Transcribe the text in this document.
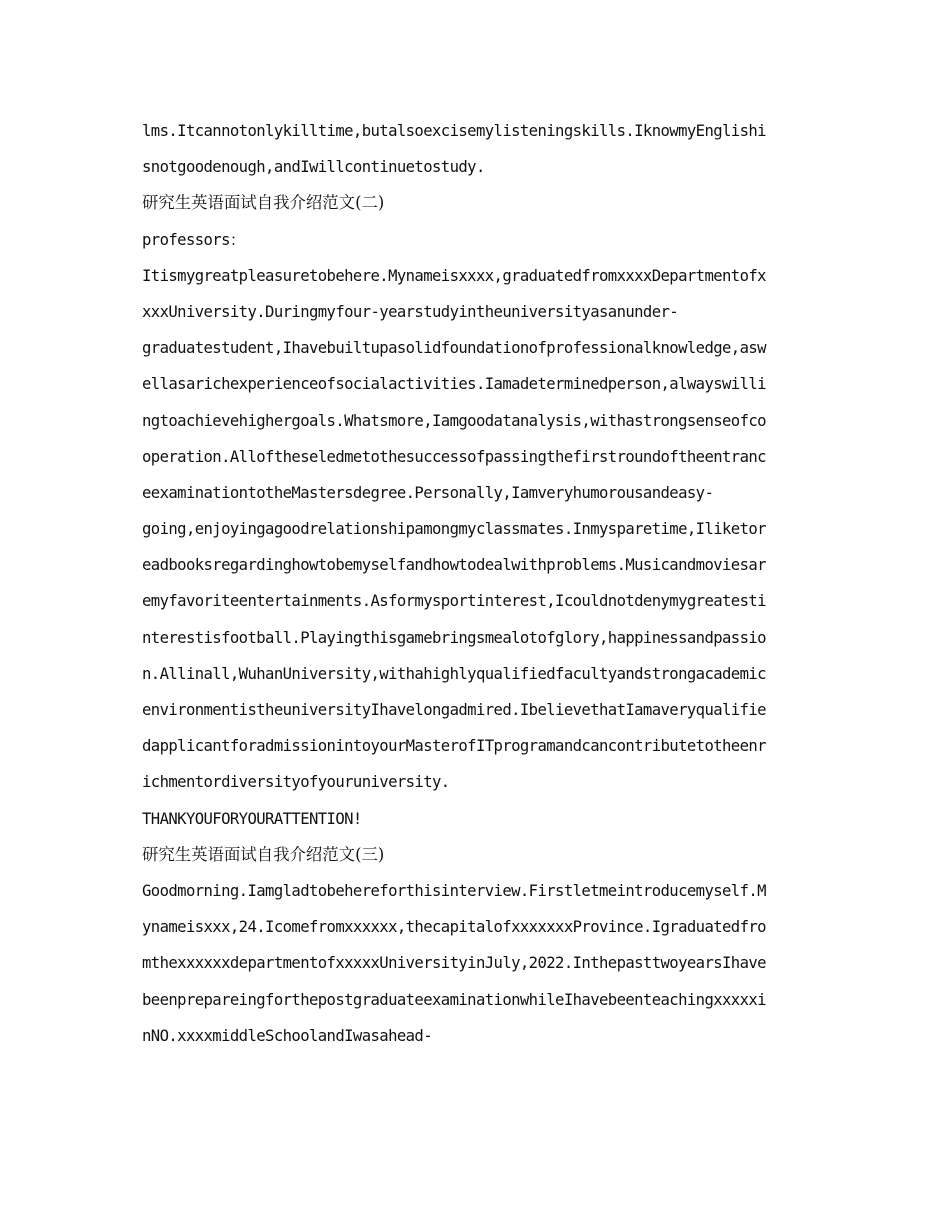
lms.Itcannotonlykilltime,butalsoexcisemylisteningskills.IknowmyEnglishi
snotgoodenough,andIwillcontinuetostudy.
研究生英语面试自我介绍范文(二)
professors：
Itismygreatpleasuretobehere.Mynameisxxxx,graduatedfromxxxxDepartmentofx
xxxUniversity.Duringmyfour-yearstudyintheuniversityasanunder-
graduatestudent,Ihavebuiltupasolidfoundationofprofessionalknowledge,asw
ellasarichexperienceofsocialactivities.Iamadeterminedperson,alwayswilli
ngtoachievehighergoals.Whatsmore,Iamgoodatanalysis,withastrongsenseofco
operation.Alloftheseledmetothesuccessofpassingthefirstroundoftheentranc
eexaminationtotheMastersdegree.Personally,Iamveryhumorousandeasy-
going,enjoyingagoodrelationshipamongmyclassmates.Inmysparetime,Iliketor
eadbooksregardinghowtobemyselfandhowtodealwithproblems.Musicandmoviesar
emyfavoriteentertainments.Asformysportinterest,Icouldnotdenymygreatesti
nterestisfootball.Playingthisgamebringsmealotofglory,happinessandpassio
n.Allinall,WuhanUniversity,withahighlyqualifiedfacultyandstrongacademic
environmentistheuniversityIhavelongadmired.IbelievethatIamaveryqualifie
dapplicantforadmissionintoyourMasterofITprogramandcancontributetotheenr
ichmentordiversityofyouruniversity.
THANKYOUFORYOURATTENTION!
研究生英语面试自我介绍范文(三)
Goodmorning.Iamgladtobehereforthisinterview.Firstletmeintroducemyself.M
ynameisxxx,24.Icomefromxxxxxx,thecapitalofxxxxxxxProvince.Igraduatedfro
mthexxxxxxdepartmentofxxxxxUniversityinJuly,2022.InthepasttwoyearsIhave
beenprepareingforthepostgraduateexaminationwhileIhavebeenteachingxxxxxi
nNO.xxxxmiddleSchoolandIwasahead-
